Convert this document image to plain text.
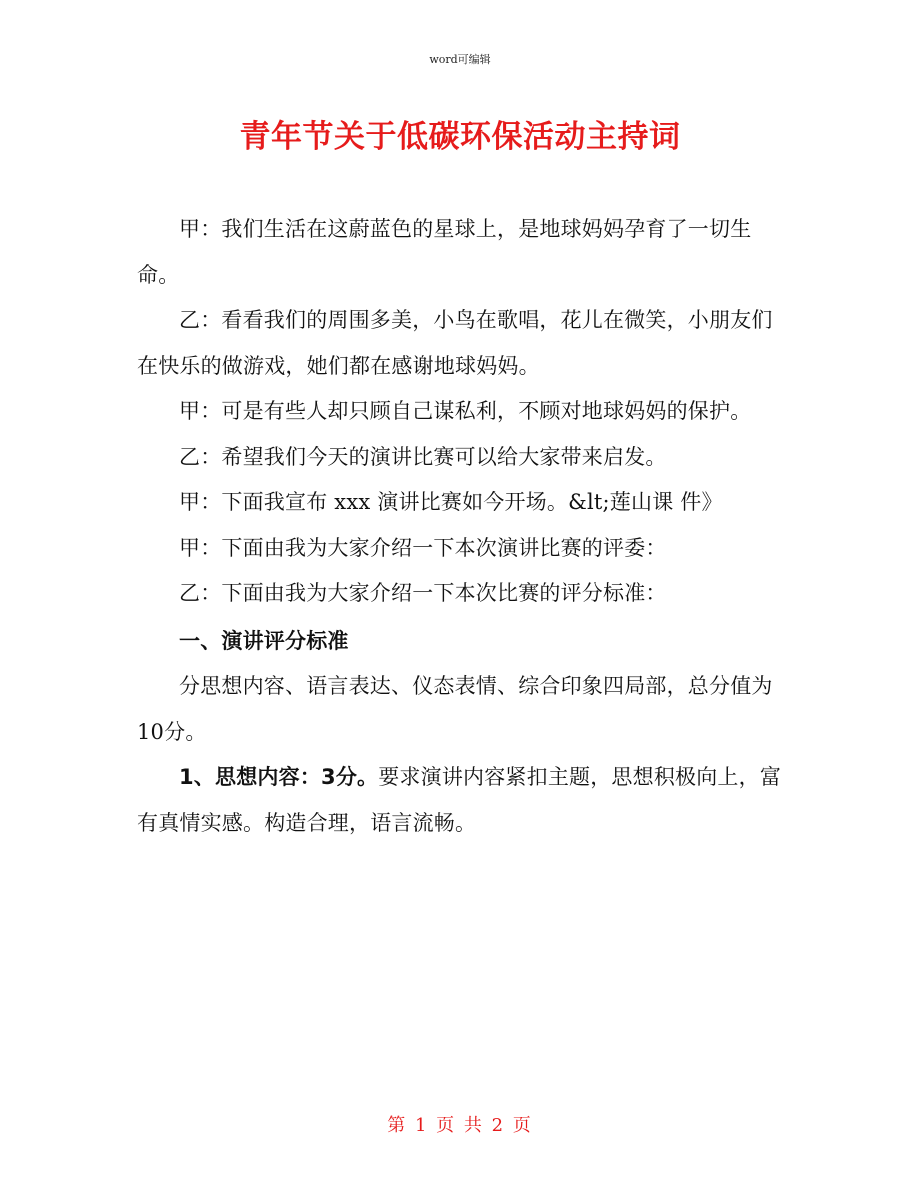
word可编辑
青年节关于低碳环保活动主持词

甲：我们生活在这蔚蓝色的星球上，是地球妈妈孕育了一切生命。

乙：看看我们的周围多美，小鸟在歌唱，花儿在微笑，小朋友们在快乐的做游戏，她们都在感谢地球妈妈。

甲：可是有些人却只顾自己谋私利，不顾对地球妈妈的保护。

乙：希望我们今天的演讲比赛可以给大家带来启发。

甲：下面我宣布 xxx 演讲比赛如今开场。&lt;莲山课 件》

甲：下面由我为大家介绍一下本次演讲比赛的评委：

乙：下面由我为大家介绍一下本次比赛的评分标准：

一、演讲评分标准

分思想内容、语言表达、仪态表情、综合印象四局部，总分值为10分。

1、思想内容：3分。要求演讲内容紧扣主题，思想积极向上，富有真情实感。构造合理，语言流畅。

第 1 页 共 2 页
